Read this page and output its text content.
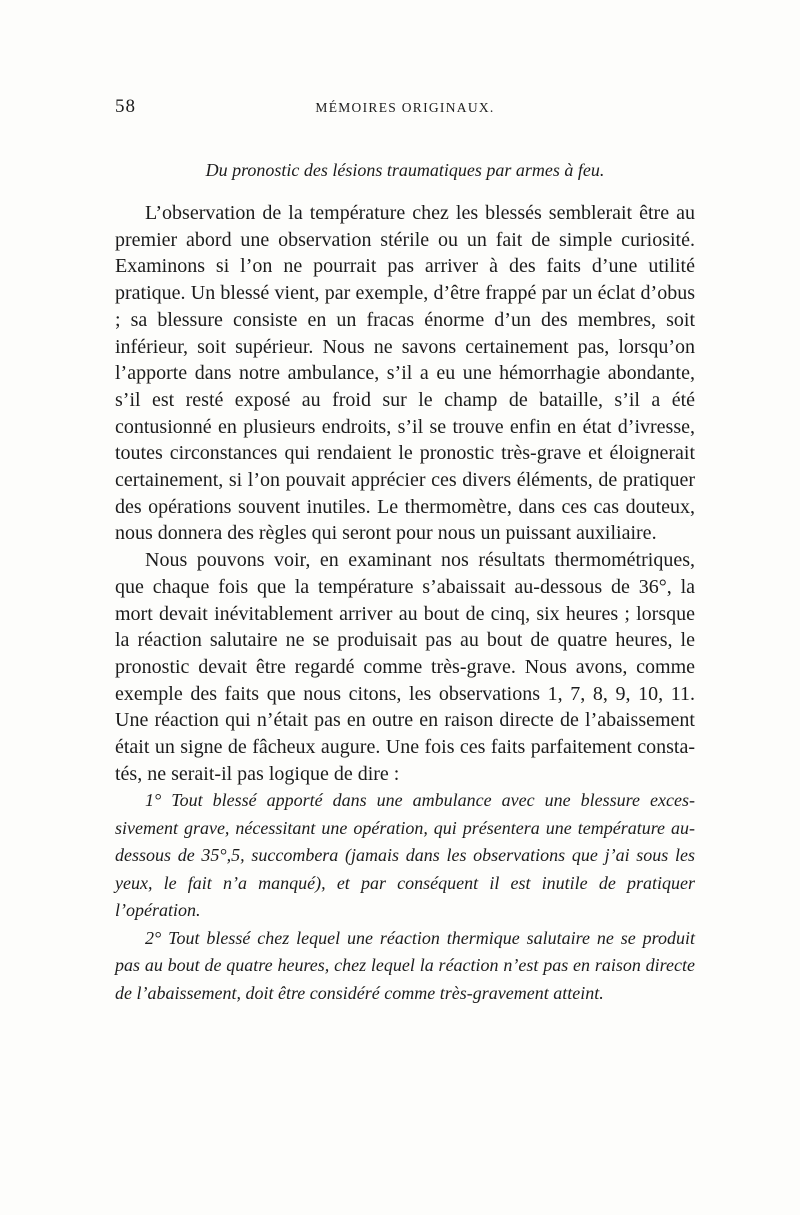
58	MÉMOIRES ORIGINAUX.
Du pronostic des lésions traumatiques par armes à feu.

L’observation de la température chez les blessés semblerait être au premier abord une observation stérile ou un fait de simple curiosité. Examinons si l’on ne pourrait pas arriver à des faits d’une utilité pratique. Un blessé vient, par exemple, d’être frappé par un éclat d’obus ; sa blessure consiste en un fracas énorme d’un des membres, soit inférieur, soit supérieur. Nous ne savons certainement pas, lorsqu’on l’apporte dans notre ambulance, s’il a eu une hémorrhagie abondante, s’il est resté exposé au froid sur le champ de bataille, s’il a été contusionné en plusieurs endroits, s’il se trouve enfin en état d’ivresse, toutes circonstances qui rendaient le pronostic très-grave et éloignerait certainement, si l’on pouvait apprécier ces divers éléments, de pratiquer des opérations souvent inutiles. Le thermomètre, dans ces cas douteux, nous donnera des règles qui seront pour nous un puissant auxiliaire.

Nous pouvons voir, en examinant nos résultats thermométriques, que chaque fois que la température s’abaissait au-dessous de 36°, la mort devait inévitablement arriver au bout de cinq, six heures ; lorsque la réaction salutaire ne se produisait pas au bout de quatre heures, le pronostic devait être regardé comme très-grave. Nous avons, comme exemple des faits que nous citons, les observations 1, 7, 8, 9, 10, 11. Une réaction qui n’était pas en outre en raison directe de l’abaissement était un signe de fâcheux augure. Une fois ces faits parfaitement constatés, ne serait-il pas logique de dire :

1° Tout blessé apporté dans une ambulance avec une blessure excessivement grave, nécessitant une opération, qui présentera une température au-dessous de 35°,5, succombera (jamais dans les observations que j’ai sous les yeux, le fait n’a manqué), et par conséquent il est inutile de pratiquer l’opération.

2° Tout blessé chez lequel une réaction thermique salutaire ne se produit pas au bout de quatre heures, chez lequel la réaction n’est pas en raison directe de l’abaissement, doit être considéré comme très-gravement atteint.
